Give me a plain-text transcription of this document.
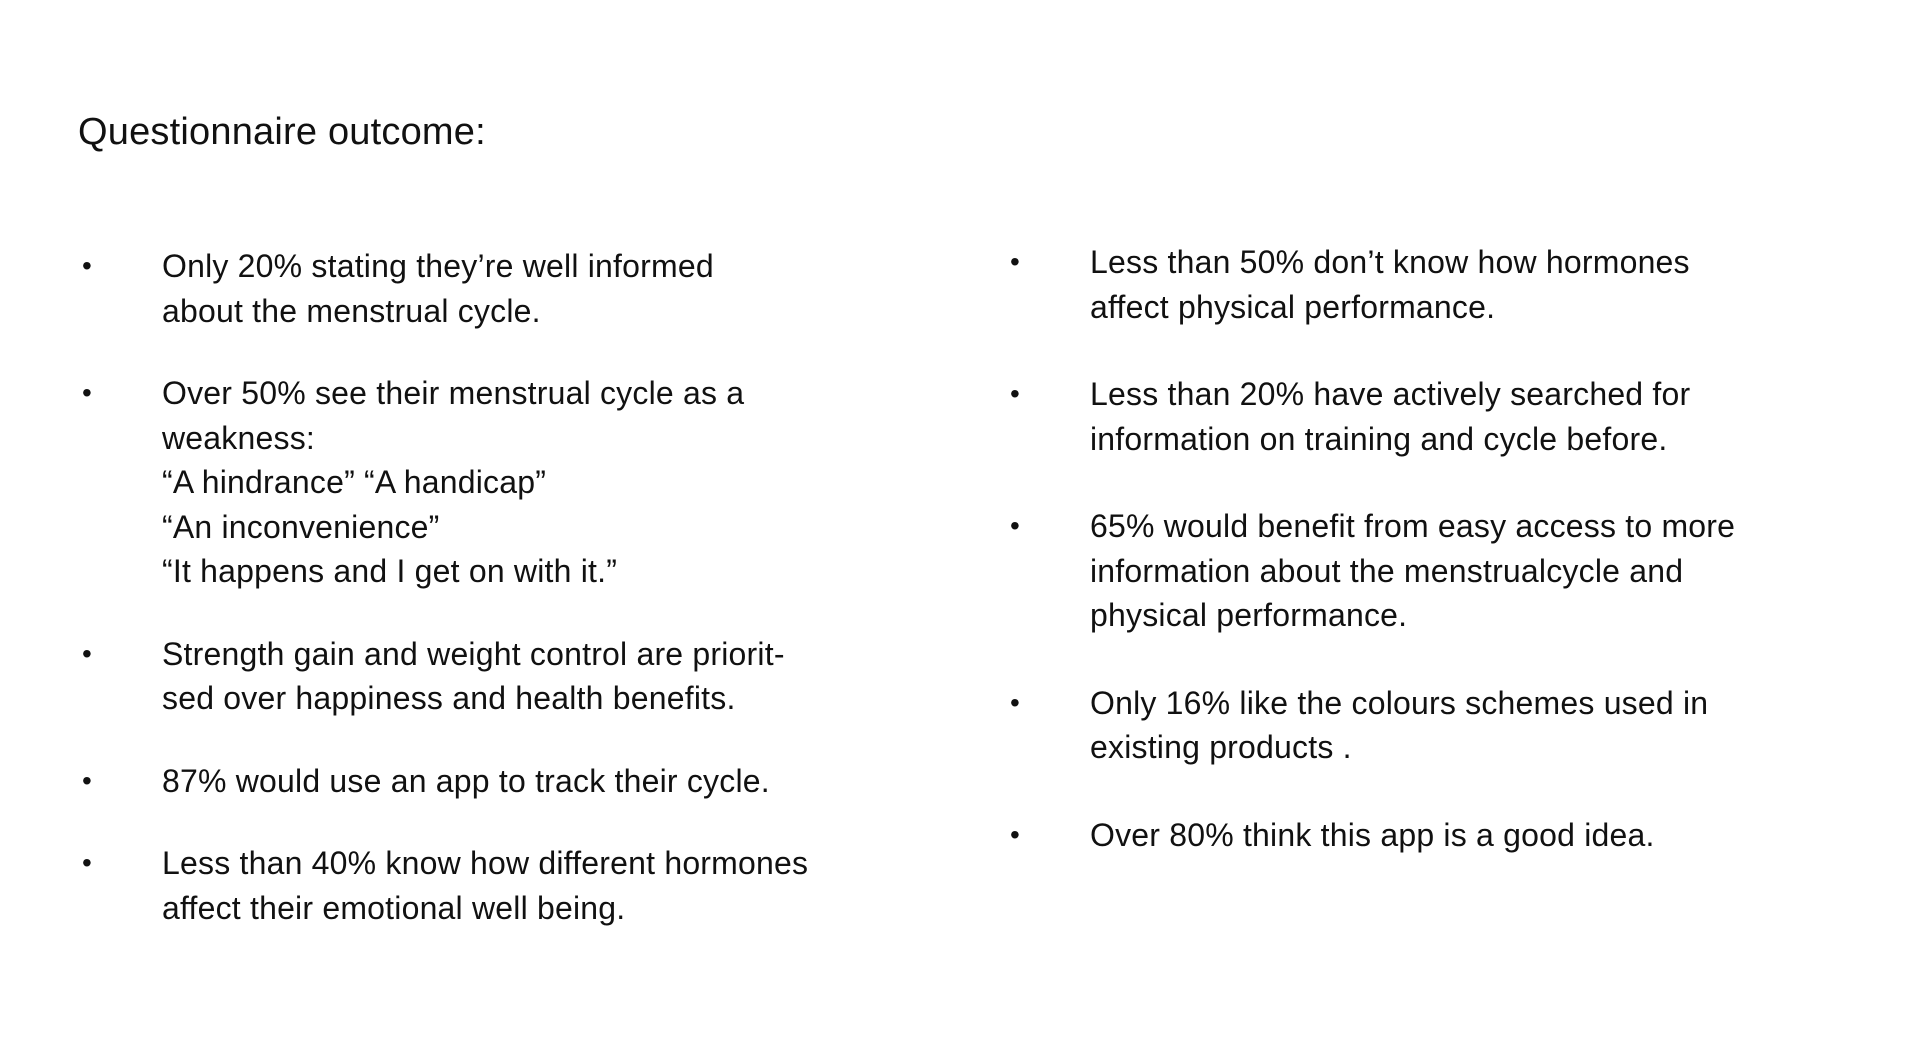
Questionnaire outcome:
• Only 20% stating they’re well informed
about the menstrual cycle.
• Over 50% see their menstrual cycle as a
weakness:
“A hindrance” “A handicap”
“An inconvenience”
“It happens and I get on with it.”
• Strength gain and weight control are priorit-
sed over happiness and health benefits.
• 87% would use an app to track their cycle.
• Less than 40% know how different hormones
affect their emotional well being.
• Less than 50% don’t know how hormones
affect physical performance.
• Less than 20% have actively searched for
information on training and cycle before.
• 65% would benefit from easy access to more
information about the menstrualcycle and
physical performance.
• Only 16% like the colours schemes used in
existing products .
• Over 80% think this app is a good idea.
